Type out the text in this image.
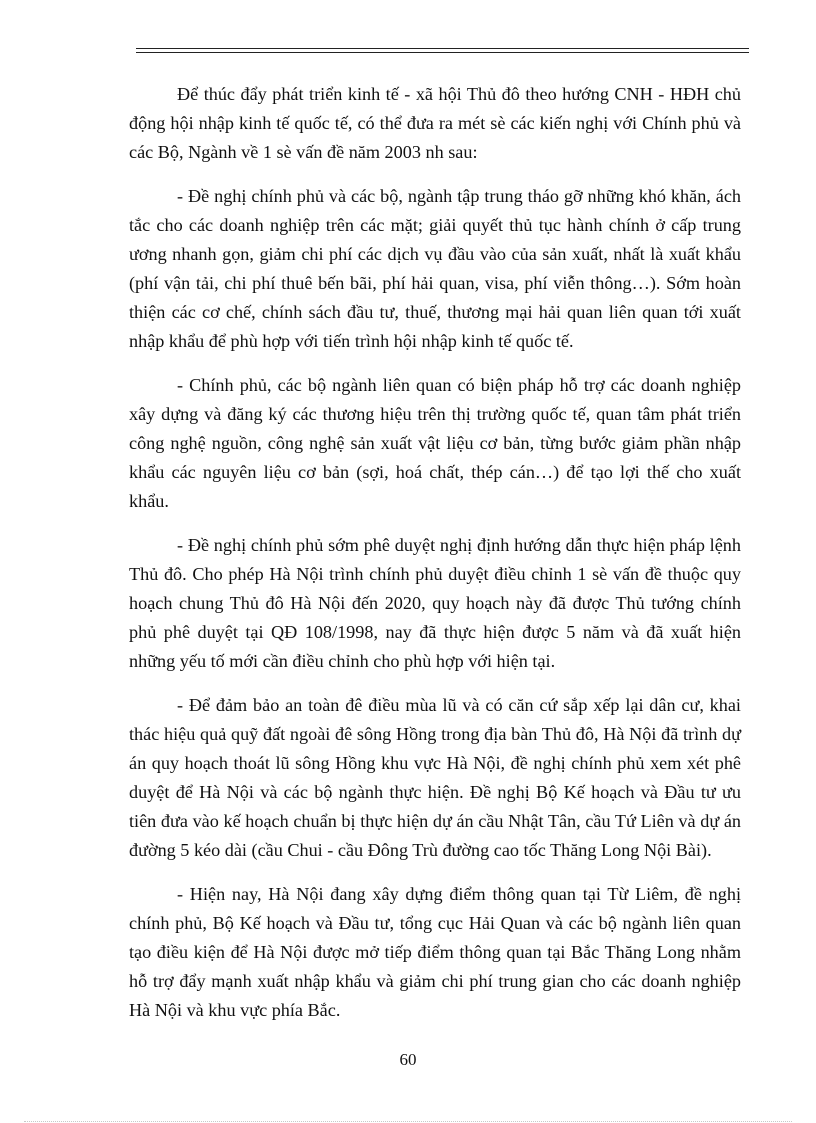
Để thúc đẩy phát triển kinh tế - xã hội Thủ đô theo hướng CNH - HĐH chủ động hội nhập kinh tế quốc tế, có thể đưa ra mét sè các kiến nghị với Chính phủ và các Bộ, Ngành về 1 sè vấn đề năm 2003 nh sau:

- Đề nghị chính phủ và các bộ, ngành tập trung tháo gỡ những khó khăn, ách tắc cho các doanh nghiệp trên các mặt; giải quyết thủ tục hành chính ở cấp trung ương nhanh gọn, giảm chi phí các dịch vụ đầu vào của sản xuất, nhất là xuất khẩu (phí vận tải, chi phí thuê bến bãi, phí hải quan, visa, phí viễn thông…). Sớm hoàn thiện các cơ chế, chính sách đầu tư, thuế, thương mại hải quan liên quan tới xuất nhập khẩu để phù hợp với tiến trình hội nhập kinh tế quốc tế.

- Chính phủ, các bộ ngành liên quan có biện pháp hỗ trợ các doanh nghiệp xây dựng và đăng ký các thương hiệu trên thị trường quốc tế, quan tâm phát triển công nghệ nguồn, công nghệ sản xuất vật liệu cơ bản, từng bước giảm phần nhập khẩu các nguyên liệu cơ bản (sợi, hoá chất, thép cán…) để tạo lợi thế cho xuất khẩu.

- Đề nghị chính phủ sớm phê duyệt nghị định hướng dẫn thực hiện pháp lệnh Thủ đô. Cho phép Hà Nội trình chính phủ duyệt điều chỉnh 1 sè vấn đề thuộc quy hoạch chung Thủ đô Hà Nội đến 2020, quy hoạch này đã được Thủ tướng chính phủ phê duyệt tại QĐ 108/1998, nay đã thực hiện được 5 năm và đã xuất hiện những yếu tố mới cần điều chỉnh cho phù hợp với hiện tại.

- Để đảm bảo an toàn đê điều mùa lũ và có căn cứ sắp xếp lại dân cư, khai thác hiệu quả quỹ đất ngoài đê sông Hồng trong địa bàn Thủ đô, Hà Nội đã trình dự án quy hoạch thoát lũ sông Hồng khu vực Hà Nội, đề nghị chính phủ xem xét phê duyệt để Hà Nội và các bộ ngành thực hiện. Đề nghị Bộ Kế hoạch và Đầu tư ưu tiên đưa vào kế hoạch chuẩn bị thực hiện dự án cầu Nhật Tân, cầu Tứ Liên và dự án đường 5 kéo dài (cầu Chui - cầu Đông Trù đường cao tốc Thăng Long Nội Bài).

- Hiện nay, Hà Nội đang xây dựng điểm thông quan tại Từ Liêm, đề nghị chính phủ, Bộ Kế hoạch và Đầu tư, tổng cục Hải Quan và các bộ ngành liên quan tạo điều kiện để Hà Nội được mở tiếp điểm thông quan tại Bắc Thăng Long nhằm hỗ trợ đẩy mạnh xuất nhập khẩu và giảm chi phí trung gian cho các doanh nghiệp Hà Nội và khu vực phía Bắc.

60
